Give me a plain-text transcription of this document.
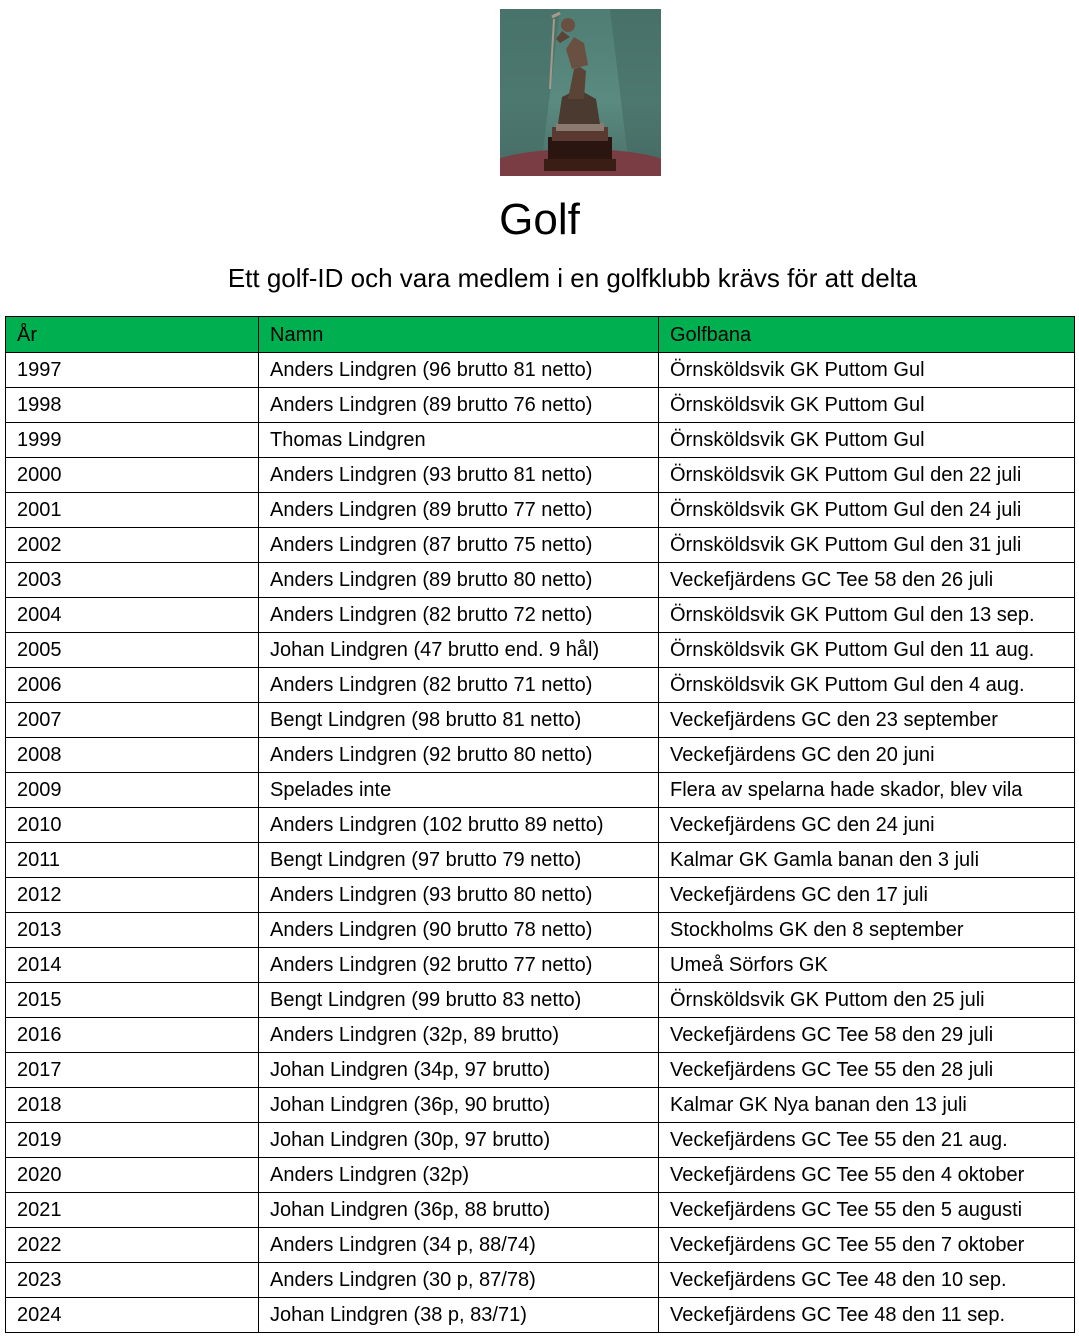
Golf
Ett golf-ID och vara medlem i en golfklubb krävs för att delta
År	Namn	Golfbana
1997	Anders Lindgren (96 brutto 81 netto)	Örnsköldsvik GK Puttom Gul
1998	Anders Lindgren (89 brutto 76 netto)	Örnsköldsvik GK Puttom Gul
1999	Thomas Lindgren	Örnsköldsvik GK Puttom Gul
2000	Anders Lindgren (93 brutto 81 netto)	Örnsköldsvik GK Puttom Gul den 22 juli
2001	Anders Lindgren (89 brutto 77 netto)	Örnsköldsvik GK Puttom Gul den 24 juli
2002	Anders Lindgren (87 brutto 75 netto)	Örnsköldsvik GK Puttom Gul den 31 juli
2003	Anders Lindgren (89 brutto 80 netto)	Veckefjärdens GC Tee 58 den 26 juli
2004	Anders Lindgren (82 brutto 72 netto)	Örnsköldsvik GK Puttom Gul den 13 sep.
2005	Johan Lindgren (47 brutto end. 9 hål)	Örnsköldsvik GK Puttom Gul den 11 aug.
2006	Anders Lindgren (82 brutto 71 netto)	Örnsköldsvik GK Puttom Gul den 4 aug.
2007	Bengt Lindgren (98 brutto 81 netto)	Veckefjärdens GC den 23 september
2008	Anders Lindgren (92 brutto 80 netto)	Veckefjärdens GC den 20 juni
2009	Spelades inte	Flera av spelarna hade skador, blev vila
2010	Anders Lindgren (102 brutto 89 netto)	Veckefjärdens GC den 24 juni
2011	Bengt Lindgren (97 brutto 79 netto)	Kalmar GK Gamla banan den 3 juli
2012	Anders Lindgren (93 brutto 80 netto)	Veckefjärdens GC den 17 juli
2013	Anders Lindgren (90 brutto 78 netto)	Stockholms GK den 8 september
2014	Anders Lindgren (92 brutto 77 netto)	Umeå Sörfors GK
2015	Bengt Lindgren (99 brutto 83 netto)	Örnsköldsvik GK Puttom den 25 juli
2016	Anders Lindgren (32p, 89 brutto)	Veckefjärdens GC Tee 58 den 29 juli
2017	Johan Lindgren (34p, 97 brutto)	Veckefjärdens GC Tee 55 den 28 juli
2018	Johan Lindgren (36p, 90 brutto)	Kalmar GK Nya banan den 13 juli
2019	Johan Lindgren (30p, 97 brutto)	Veckefjärdens GC Tee 55 den 21 aug.
2020	Anders Lindgren (32p)	Veckefjärdens GC Tee 55 den 4 oktober
2021	Johan Lindgren (36p, 88 brutto)	Veckefjärdens GC Tee 55 den 5 augusti
2022	Anders Lindgren (34 p, 88/74)	Veckefjärdens GC Tee 55 den 7 oktober
2023	Anders Lindgren (30 p, 87/78)	Veckefjärdens GC Tee 48 den 10 sep.
2024	Johan Lindgren (38 p, 83/71)	Veckefjärdens GC Tee 48 den 11 sep.
